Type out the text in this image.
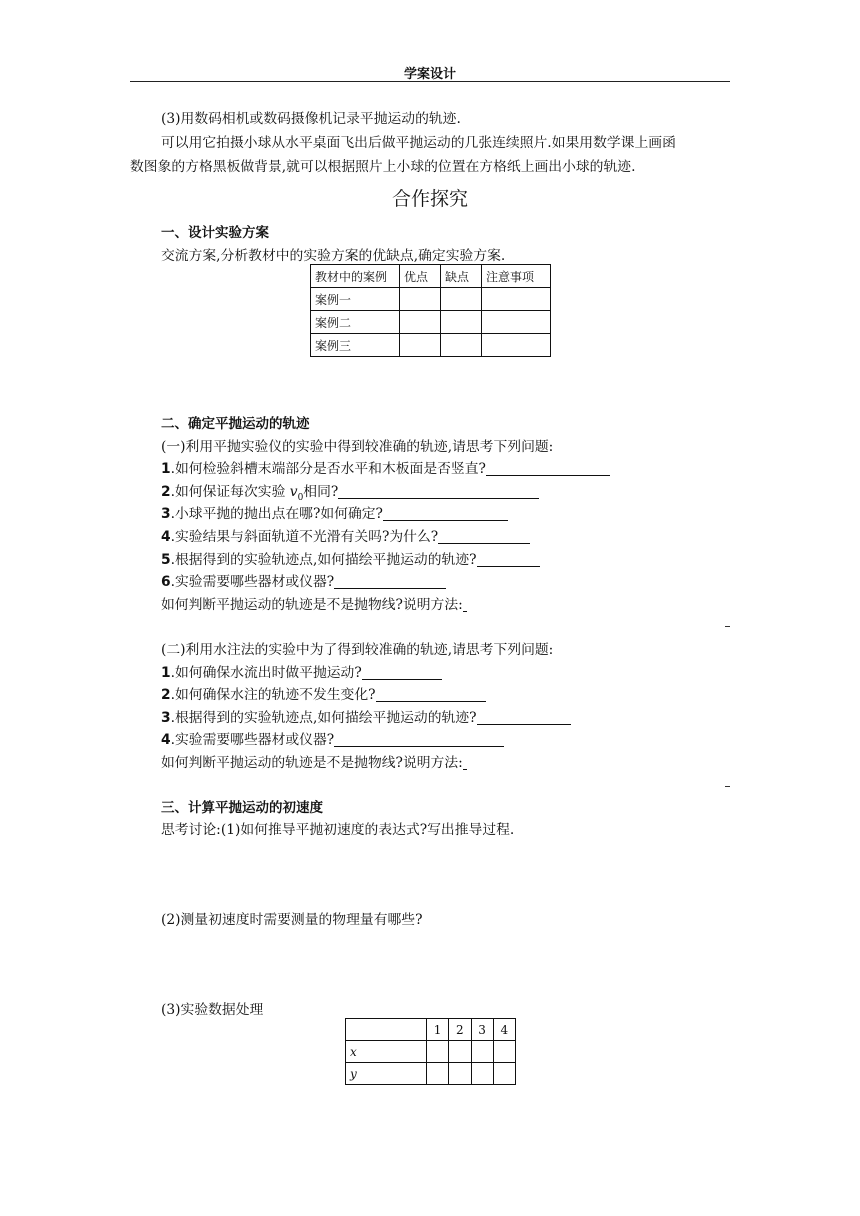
学案设计
(3)用数码相机或数码摄像机记录平抛运动的轨迹.
可以用它拍摄小球从水平桌面飞出后做平抛运动的几张连续照片.如果用数学课上画函
数图象的方格黑板做背景,就可以根据照片上小球的位置在方格纸上画出小球的轨迹.
合作探究
一、设计实验方案
交流方案,分析教材中的实验方案的优缺点,确定实验方案.
教材中的案例	优点	缺点	注意事项
案例一			
案例二			
案例三			
二、确定平抛运动的轨迹
(一)利用平抛实验仪的实验中得到较准确的轨迹,请思考下列问题:
1.如何检验斜槽末端部分是否水平和木板面是否竖直?
2.如何保证每次实验 $v_0$相同?
3.小球平抛的抛出点在哪?如何确定?
4.实验结果与斜面轨道不光滑有关吗?为什么?
5.根据得到的实验轨迹点,如何描绘平抛运动的轨迹?
6.实验需要哪些器材或仪器?
如何判断平抛运动的轨迹是不是抛物线?说明方法:
(二)利用水注法的实验中为了得到较准确的轨迹,请思考下列问题:
1.如何确保水流出时做平抛运动?
2.如何确保水注的轨迹不发生变化?
3.根据得到的实验轨迹点,如何描绘平抛运动的轨迹?
4.实验需要哪些器材或仪器?
如何判断平抛运动的轨迹是不是抛物线?说明方法:
三、计算平抛运动的初速度
思考讨论:(1)如何推导平抛初速度的表达式?写出推导过程.
(2)测量初速度时需要测量的物理量有哪些?
(3)实验数据处理
	1	2	3	4
x				
y				
